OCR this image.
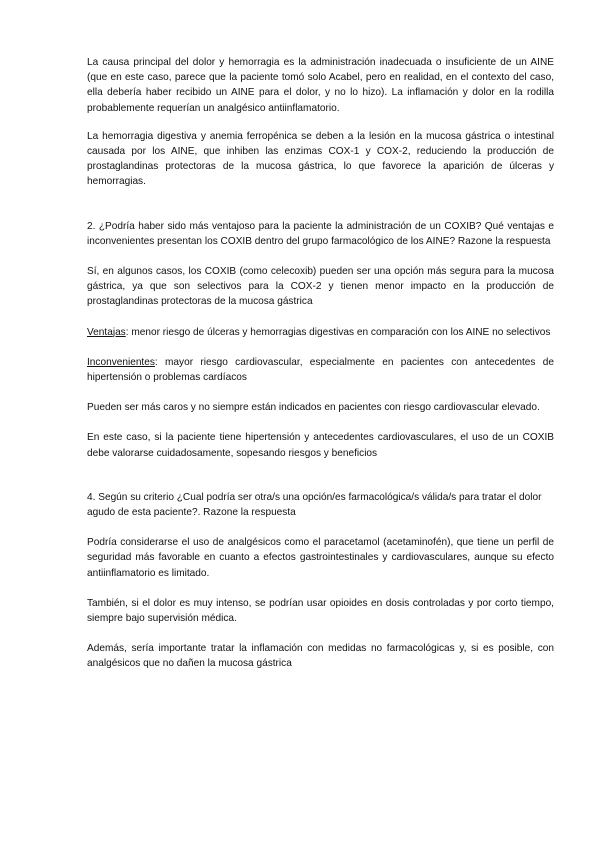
La causa principal del dolor y hemorragia es la administración inadecuada o insuficiente de un AINE (que en este caso, parece que la paciente tomó solo Acabel, pero en realidad, en el contexto del caso, ella debería haber recibido un AINE para el dolor, y no lo hizo). La inflamación y dolor en la rodilla probablemente requerían un analgésico antiinflamatorio.

La hemorragia digestiva y anemia ferropénica se deben a la lesión en la mucosa gástrica o intestinal causada por los AINE, que inhiben las enzimas COX-1 y COX-2, reduciendo la producción de prostaglandinas protectoras de la mucosa gástrica, lo que favorece la aparición de úlceras y hemorragias.

2. ¿Podría haber sido más ventajoso para la paciente la administración de un COXIB? Qué ventajas e inconvenientes presentan los COXIB dentro del grupo farmacológico de los AINE? Razone la respuesta

Sí, en algunos casos, los COXIB (como celecoxib) pueden ser una opción más segura para la mucosa gástrica, ya que son selectivos para la COX-2 y tienen menor impacto en la producción de prostaglandinas protectoras de la mucosa gástrica

Ventajas: menor riesgo de úlceras y hemorragias digestivas en comparación con los AINE no selectivos

Inconvenientes: mayor riesgo cardiovascular, especialmente en pacientes con antecedentes de hipertensión o problemas cardíacos

Pueden ser más caros y no siempre están indicados en pacientes con riesgo cardiovascular elevado.

En este caso, si la paciente tiene hipertensión y antecedentes cardiovasculares, el uso de un COXIB debe valorarse cuidadosamente, sopesando riesgos y beneficios

4. Según su criterio ¿Cual podría ser otra/s una opción/es farmacológica/s válida/s para tratar el dolor agudo de esta paciente?. Razone la respuesta

Podría considerarse el uso de analgésicos como el paracetamol (acetaminofén), que tiene un perfil de seguridad más favorable en cuanto a efectos gastrointestinales y cardiovasculares, aunque su efecto antiinflamatorio es limitado.

También, si el dolor es muy intenso, se podrían usar opioides en dosis controladas y por corto tiempo, siempre bajo supervisión médica.

Además, sería importante tratar la inflamación con medidas no farmacológicas y, si es posible, con analgésicos que no dañen la mucosa gástrica
